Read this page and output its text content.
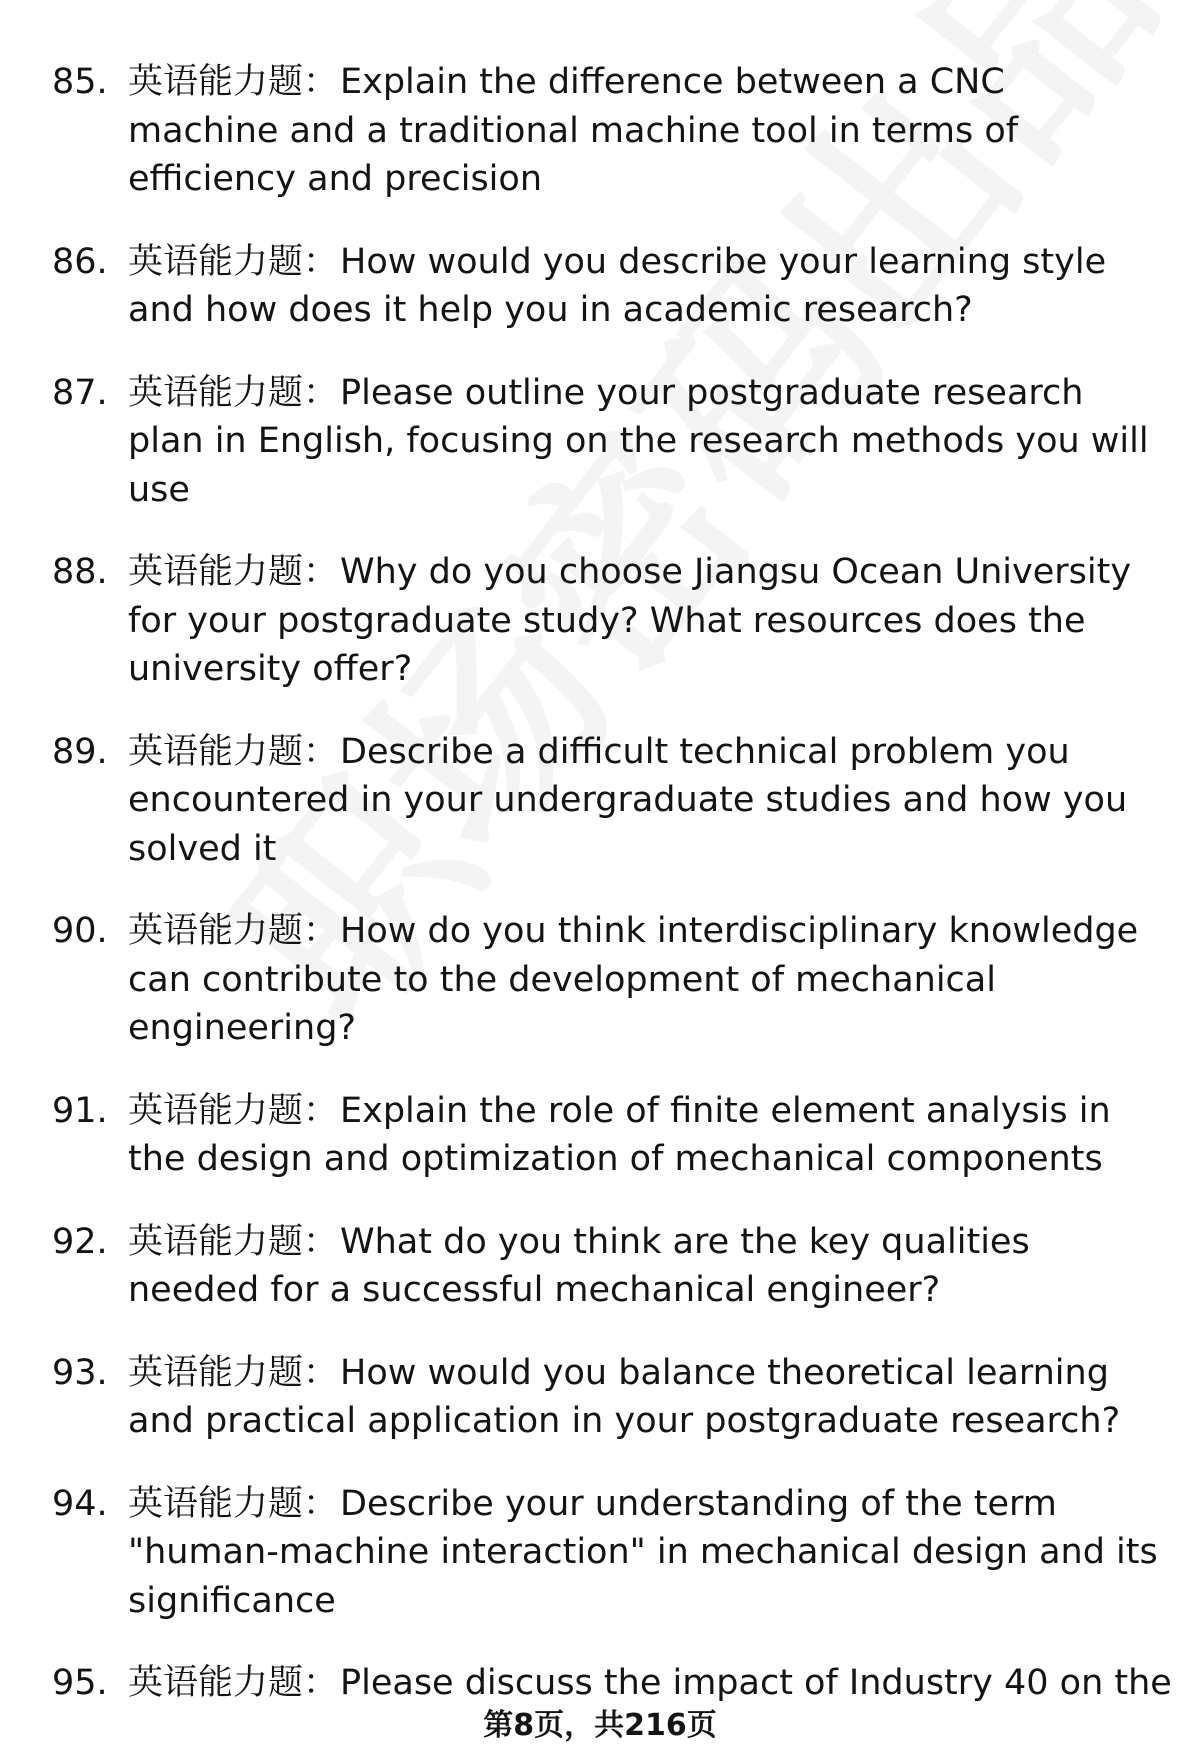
85. 英语能力题：Explain the difference between a CNC machine and a traditional machine tool in terms of efficiency and precision
86. 英语能力题：How would you describe your learning style and how does it help you in academic research?
87. 英语能力题：Please outline your postgraduate research plan in English, focusing on the research methods you will use
88. 英语能力题：Why do you choose Jiangsu Ocean University for your postgraduate study? What resources does the university offer?
89. 英语能力题：Describe a difficult technical problem you encountered in your undergraduate studies and how you solved it
90. 英语能力题：How do you think interdisciplinary knowledge can contribute to the development of mechanical engineering?
91. 英语能力题：Explain the role of finite element analysis in the design and optimization of mechanical components
92. 英语能力题：What do you think are the key qualities needed for a successful mechanical engineer?
93. 英语能力题：How would you balance theoretical learning and practical application in your postgraduate research?
94. 英语能力题：Describe your understanding of the term "human-machine interaction" in mechanical design and its significance
95. 英语能力题：Please discuss the impact of Industry 40 on the
第8页，共216页
